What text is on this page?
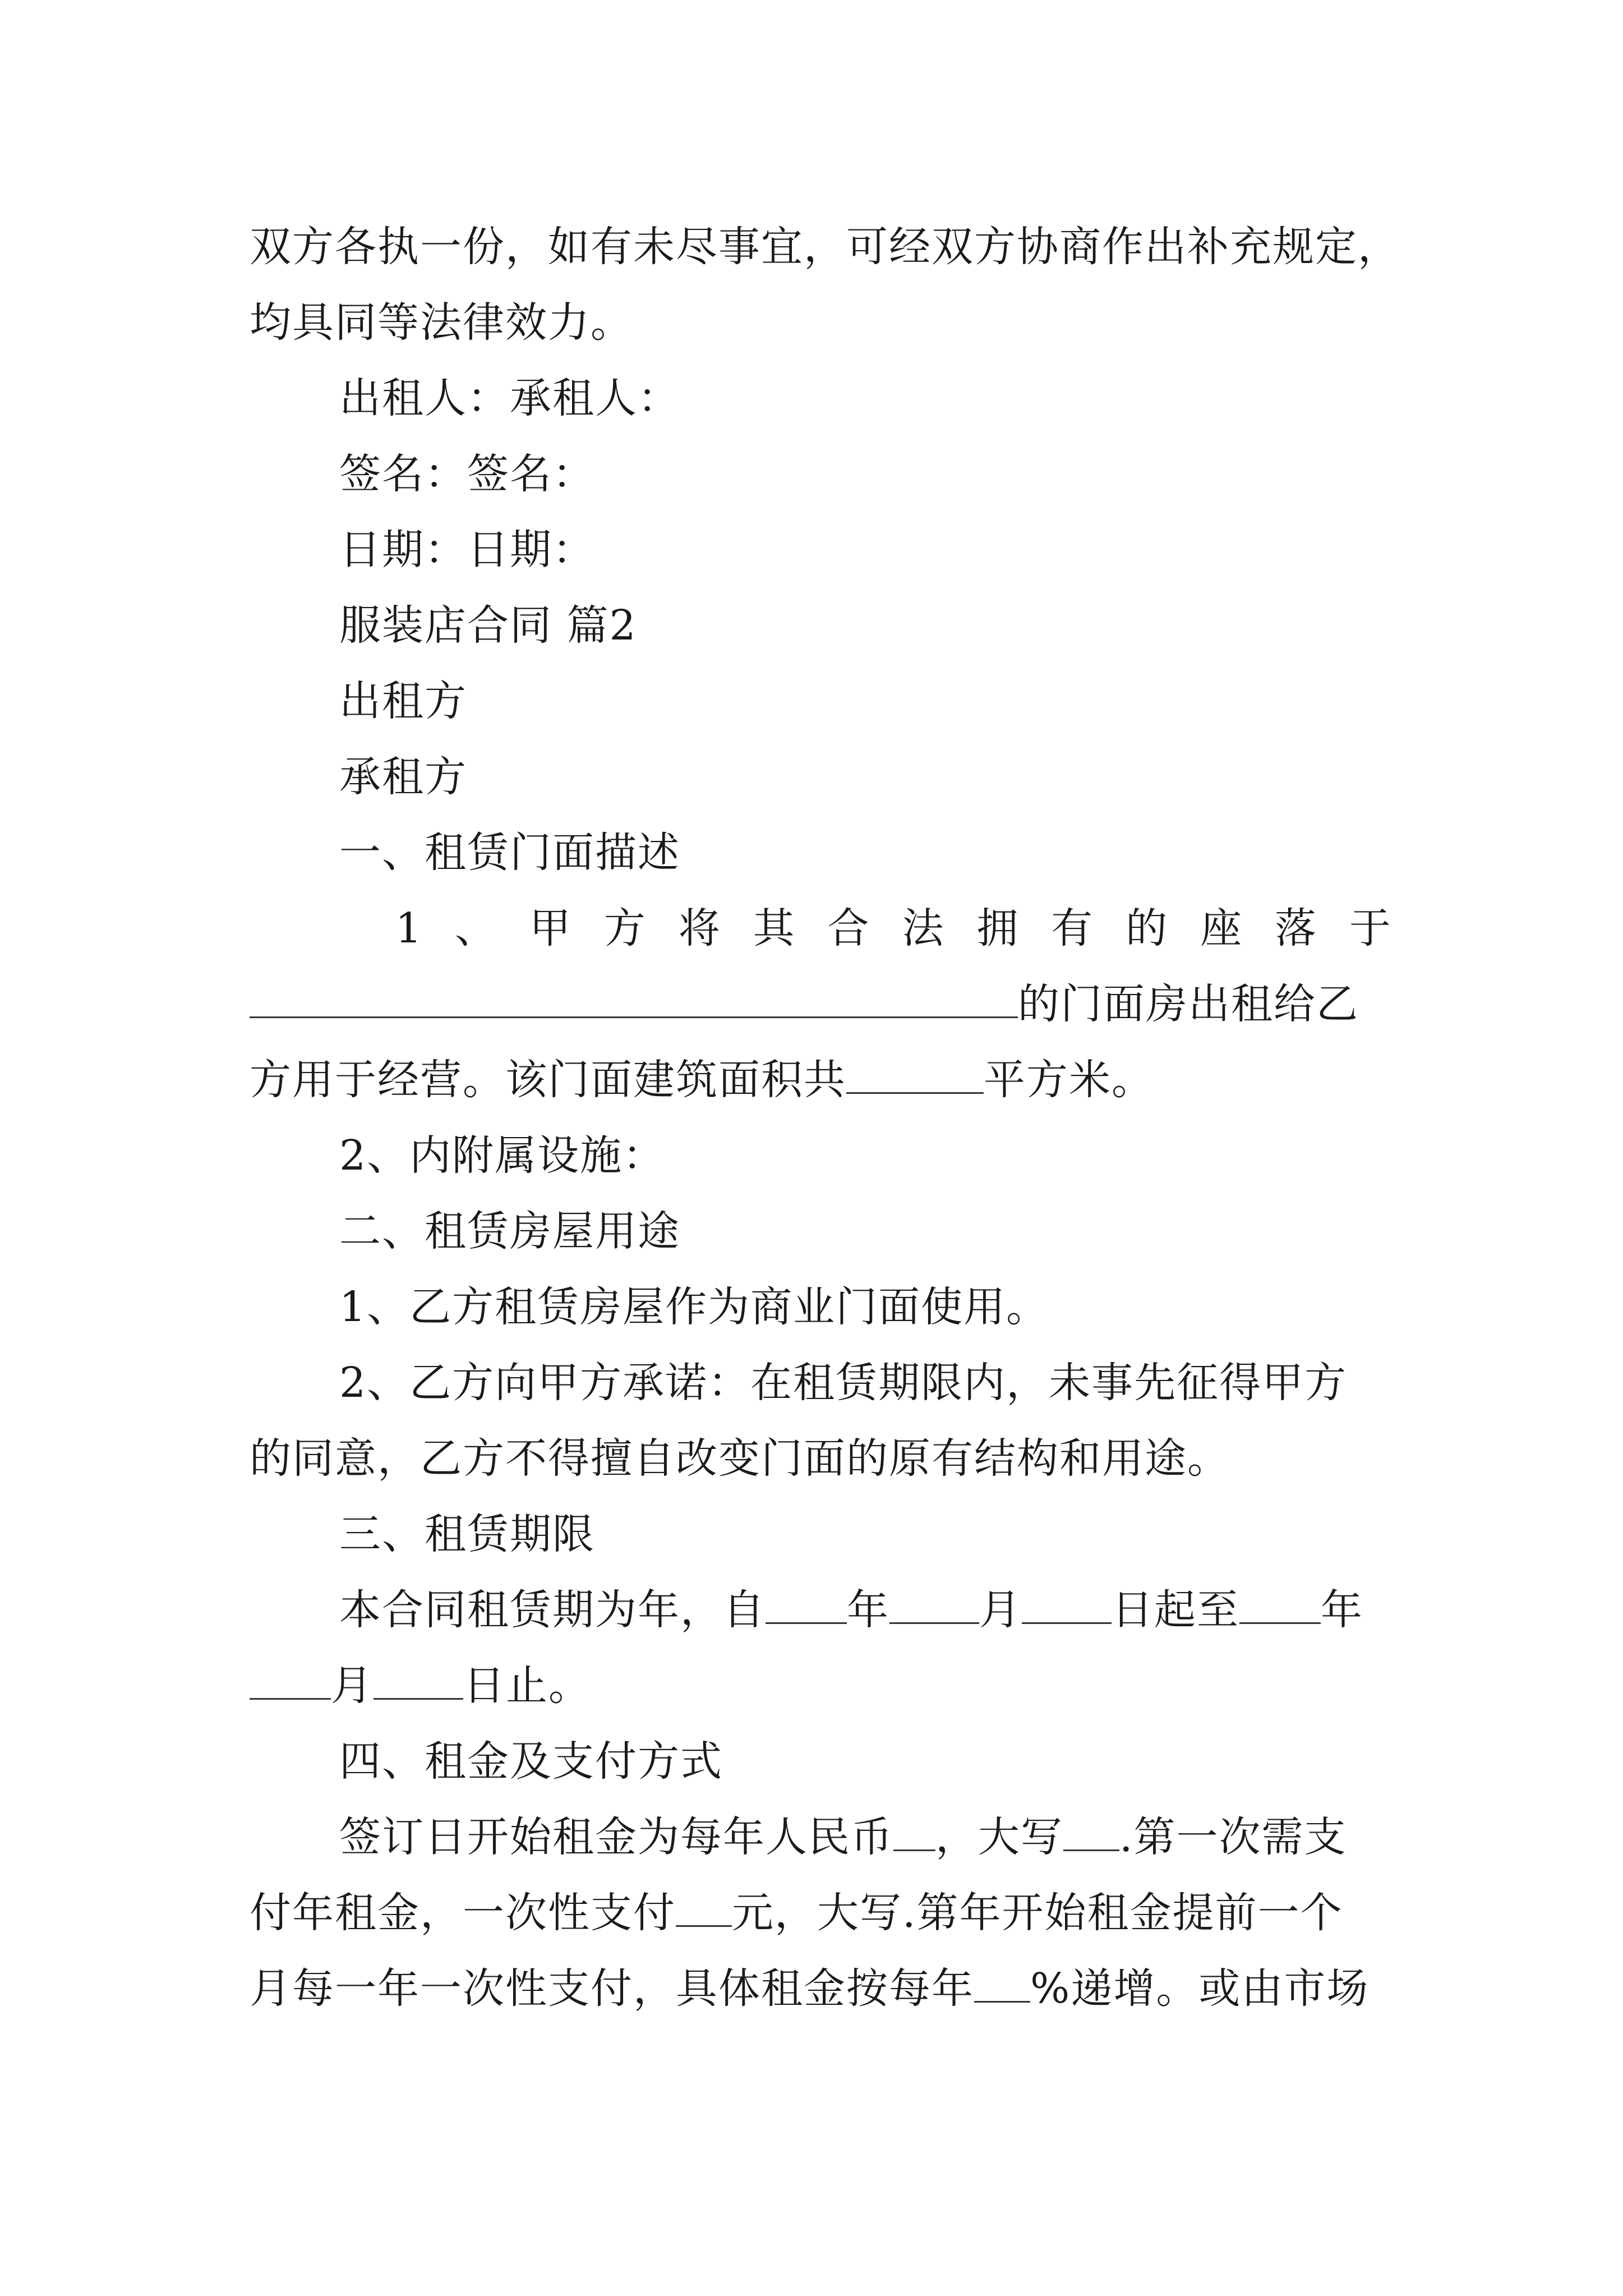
双方各执一份，如有未尽事宜，可经双方协商作出补充规定，
均具同等法律效力。
出租人：承租人：
签名：签名：
日期：日期：
服装店合同 篇2
出租方
承租方
一、租赁门面描述
1 、 甲 方 将 其 合 法 拥 有 的 座 落 于
的门面房出租给乙
方用于经营。该门面建筑面积共	平方米。
2、内附属设施：
二、租赁房屋用途
1、乙方租赁房屋作为商业门面使用。
2、乙方向甲方承诺：在租赁期限内，未事先征得甲方
的同意，乙方不得擅自改变门面的原有结构和用途。
三、租赁期限
本合同租赁期为年，自 年 月 日起至 年
月 日止。
四、租金及支付方式
签订日开始租金为每年人民币 ，大写 .第一次需支
付年租金，一次性支付 元，大写.第年开始租金提前一个
月每一年一次性支付，具体租金按每年 %递增。或由市场
